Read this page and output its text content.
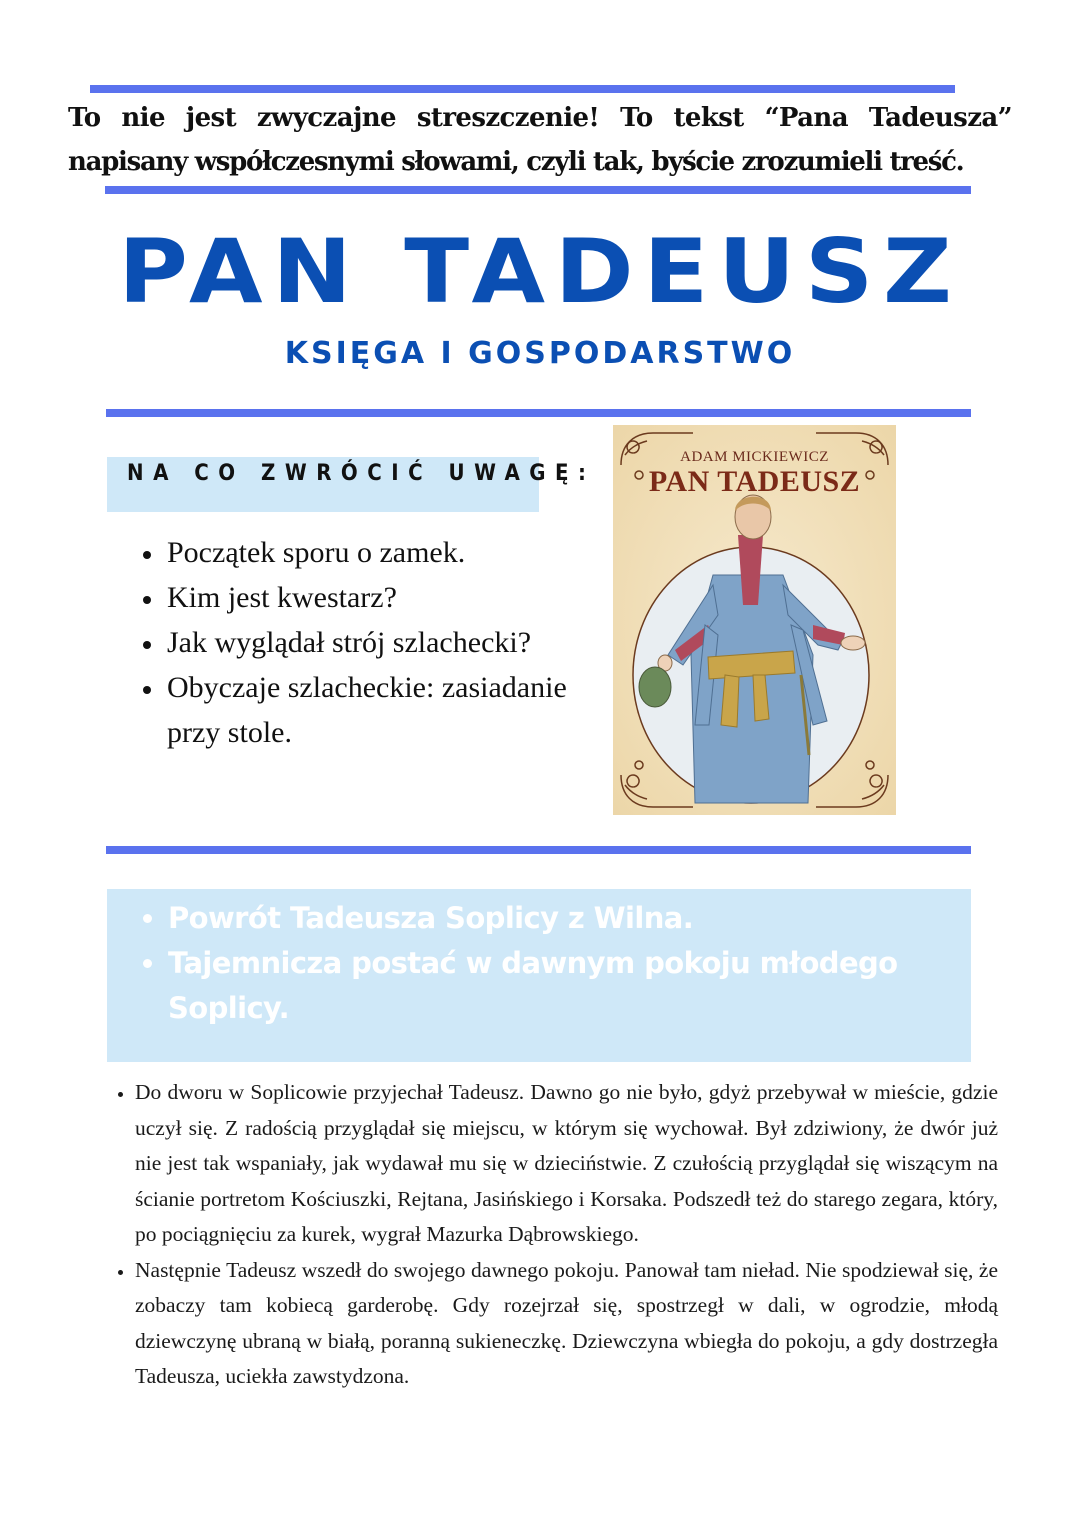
To nie jest zwyczajne streszczenie! To tekst “Pana Tadeusza”
napisany współczesnymi słowami, czyli tak, byście zrozumieli treść.
PAN TADEUSZ
KSIĘGA I GOSPODARSTWO
NA CO ZWRÓCIĆ UWAGĘ:
• Początek sporu o zamek.
• Kim jest kwestarz?
• Jak wyglądał strój szlachecki?
• Obyczaje szlacheckie: zasiadanie przy stole.
ADAM MICKIEWICZ
PAN TADEUSZ
• Powrót Tadeusza Soplicy z Wilna.
• Tajemnicza postać w dawnym pokoju młodego Soplicy.
• Do dworu w Soplicowie przyjechał Tadeusz. Dawno go nie było, gdyż przebywał w mieście, gdzie uczył się. Z radością przyglądał się miejscu, w którym się wychował. Był zdziwiony, że dwór już nie jest tak wspaniały, jak wydawał mu się w dzieciństwie. Z czułością przyglądał się wiszącym na ścianie portretom Kościuszki, Rejtana, Jasińskiego i Korsaka. Podszedł też do starego zegara, który, po pociągnięciu za kurek, wygrał Mazurka Dąbrowskiego.
• Następnie Tadeusz wszedł do swojego dawnego pokoju. Panował tam nieład. Nie spodziewał się, że zobaczy tam kobiecą garderobę. Gdy rozejrzał się, spostrzegł w dali, w ogrodzie, młodą dziewczynę ubraną w białą, poranną sukieneczkę. Dziewczyna wbiegła do pokoju, a gdy dostrzegła Tadeusza, uciekła zawstydzona.
